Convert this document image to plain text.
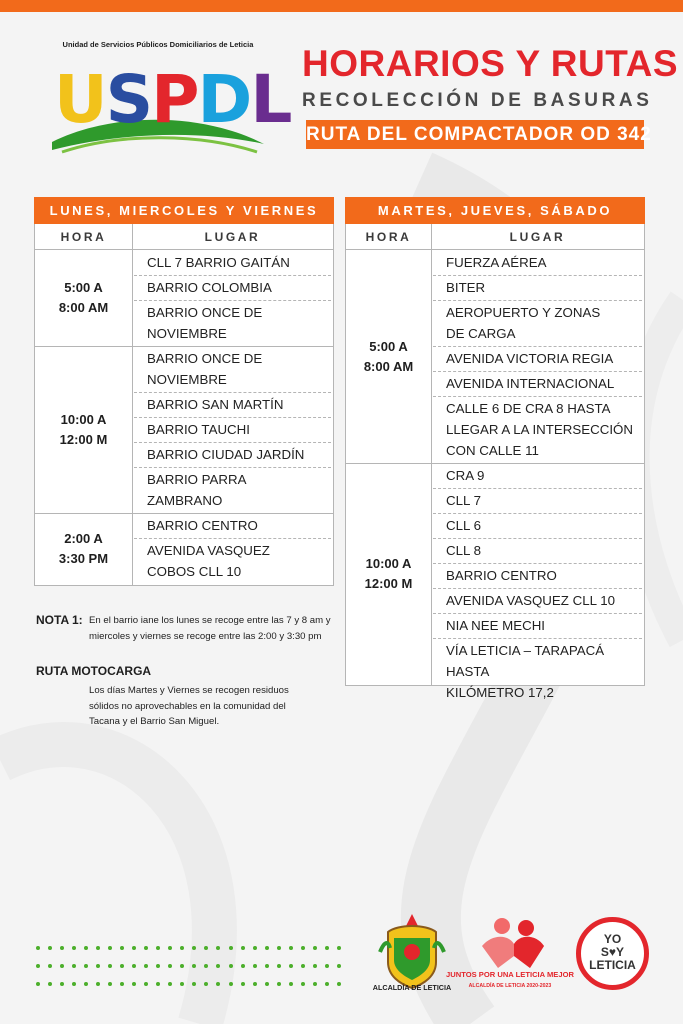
Unidad de Servicios Públicos Domiciliarios de Leticia
USPDL HORARIOS Y RUTAS
RECOLECCIÓN DE BASURAS
RUTA DEL COMPACTADOR OD 342
LUNES, MIERCOLES Y VIERNES
HORA	LUGAR
CLL 7 BARRIO GAITÁN
BARRIO COLOMBIA
BARRIO ONCE DE
NOVIEMBRE
5:00 A
8:00 AM
BARRIO ONCE DE
NOVIEMBRE
BARRIO SAN MARTÍN
BARRIO TAUCHI
BARRIO CIUDAD JARDÍN
BARRIO PARRA
ZAMBRANO
10:00 A
12:00 M
BARRIO CENTRO
AVENIDA VASQUEZ
COBOS CLL 10
2:00 A
3:30 PM
MARTES, JUEVES, SÁBADO
HORA	LUGAR
FUERZA AÉREA
BITER
AEROPUERTO Y ZONAS
DE CARGA
AVENIDA VICTORIA REGIA
AVENIDA INTERNACIONAL
CALLE 6 DE CRA 8 HASTA
LLEGAR A LA INTERSECCIÓN
CON CALLE 11
5:00 A
8:00 AM
CRA 9
CLL 7
CLL 6
CLL 8
BARRIO CENTRO
AVENIDA VASQUEZ CLL 10
NIA NEE MECHI
VÍA LETICIA – TARAPACÁ HASTA
KILÓMETRO 17,2
10:00 A
12:00 M
NOTA 1: En el barrio iane los lunes se recoge entre las 7 y 8 am y miercoles y viernes se recoge entre las 2:00 y 3:30 pm
RUTA MOTOCARGA
Los días Martes y Viernes se recogen residuos sólidos no aprovechables en la comunidad del Tacana y el Barrio San Miguel.
ALCALDÍA DE LETICIA
JUNTOS POR UNA LETICIA MEJOR
ALCALDÍA DE LETICIA 2020-2023
YO
S♥Y
LETICIA
